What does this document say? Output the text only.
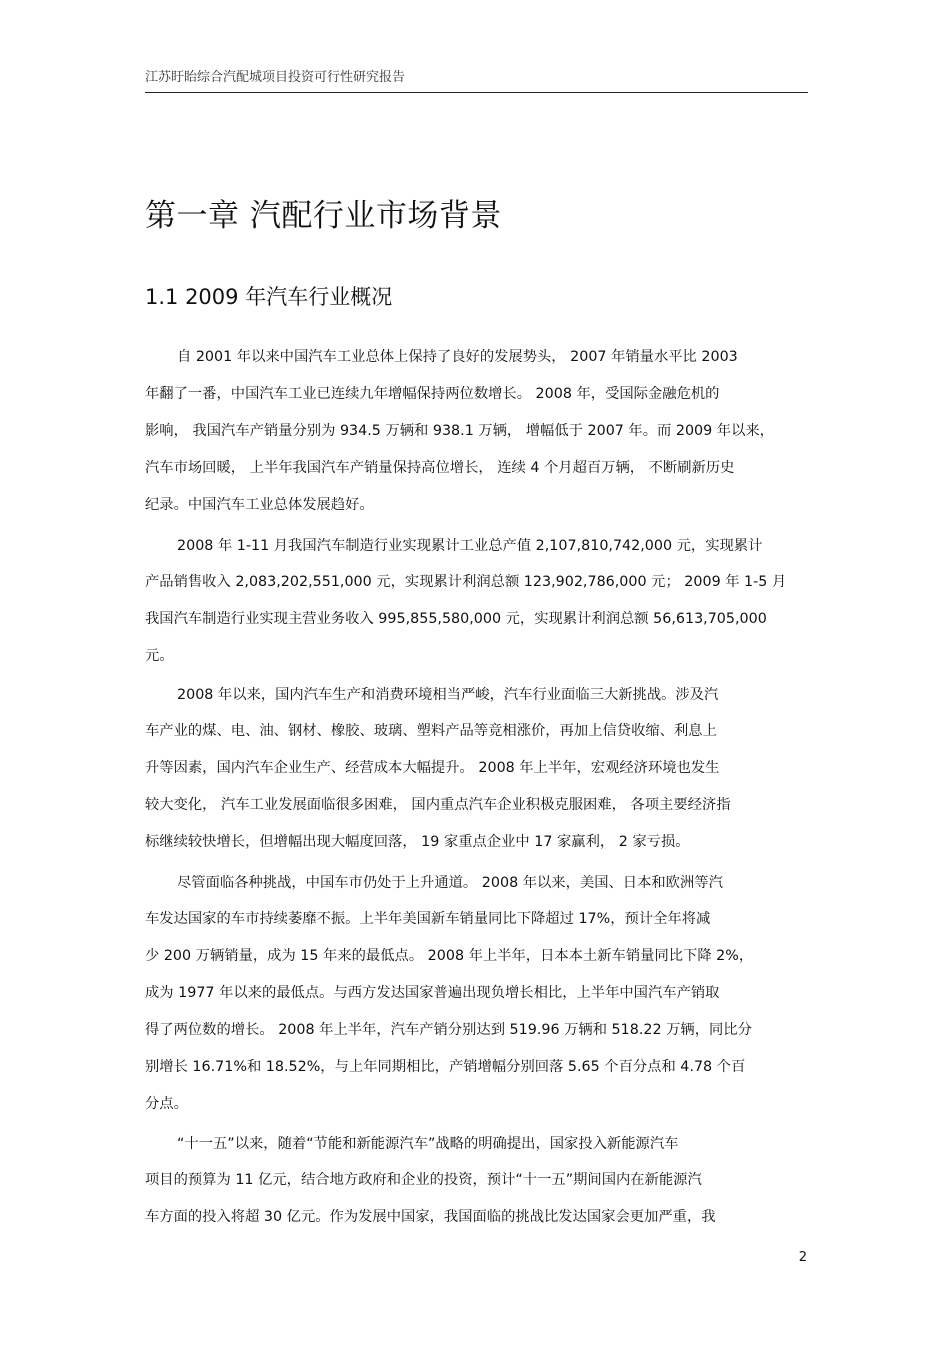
江苏盱眙综合汽配城项目投资可行性研究报告
第一章 汽配行业市场背景
1.1 2009 年汽车行业概况
自 2001 年以来中国汽车工业总体上保持了良好的发展势头， 2007 年销量水平比 2003
年翻了一番，中国汽车工业已连续九年增幅保持两位数增长。 2008 年，受国际金融危机的
影响， 我国汽车产销量分别为 934.5 万辆和 938.1 万辆， 增幅低于 2007 年。而 2009 年以来，
汽车市场回暖， 上半年我国汽车产销量保持高位增长， 连续 4 个月超百万辆， 不断刷新历史
纪录。中国汽车工业总体发展趋好。
2008 年 1-11 月我国汽车制造行业实现累计工业总产值 2,107,810,742,000 元，实现累计
产品销售收入 2,083,202,551,000 元，实现累计利润总额 123,902,786,000 元； 2009 年 1-5 月
我国汽车制造行业实现主营业务收入 995,855,580,000 元，实现累计利润总额 56,613,705,000
元。
2008 年以来，国内汽车生产和消费环境相当严峻，汽车行业面临三大新挑战。涉及汽
车产业的煤、电、油、钢材、橡胶、玻璃、塑料产品等竞相涨价，再加上信贷收缩、利息上
升等因素，国内汽车企业生产、经营成本大幅提升。 2008 年上半年，宏观经济环境也发生
较大变化， 汽车工业发展面临很多困难， 国内重点汽车企业积极克服困难， 各项主要经济指
标继续较快增长，但增幅出现大幅度回落， 19 家重点企业中 17 家赢利， 2 家亏损。
尽管面临各种挑战，中国车市仍处于上升通道。 2008 年以来，美国、日本和欧洲等汽
车发达国家的车市持续萎靡不振。上半年美国新车销量同比下降超过 17%，预计全年将减
少 200 万辆销量，成为 15 年来的最低点。 2008 年上半年，日本本土新车销量同比下降 2%，
成为 1977 年以来的最低点。与西方发达国家普遍出现负增长相比，上半年中国汽车产销取
得了两位数的增长。 2008 年上半年，汽车产销分别达到 519.96 万辆和 518.22 万辆，同比分
别增长 16.71%和 18.52%，与上年同期相比，产销增幅分别回落 5.65 个百分点和 4.78 个百
分点。
“十一五”以来，随着“节能和新能源汽车”战略的明确提出，国家投入新能源汽车
项目的预算为 11 亿元，结合地方政府和企业的投资，预计“十一五”期间国内在新能源汽
车方面的投入将超 30 亿元。作为发展中国家，我国面临的挑战比发达国家会更加严重，我
2
